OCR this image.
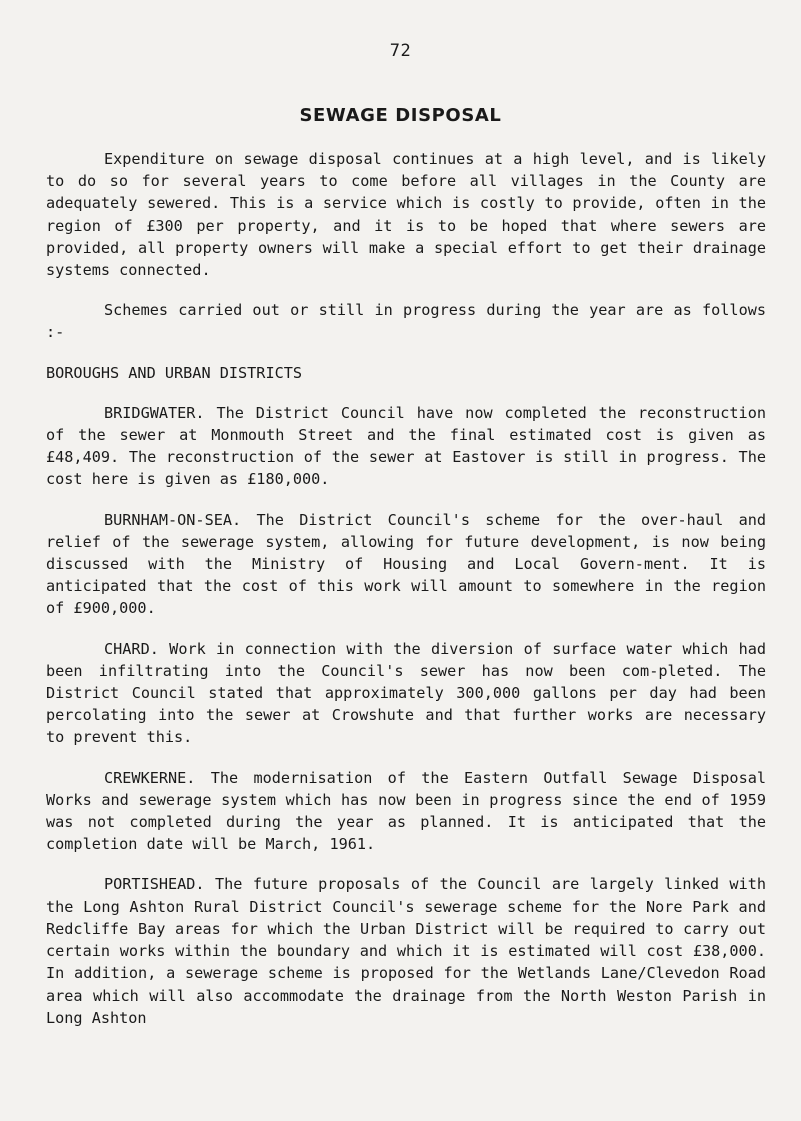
72
SEWAGE DISPOSAL

Expenditure on sewage disposal continues at a high level, and is likely to do so for several years to come before all villages in the County are adequately sewered. This is a service which is costly to provide, often in the region of £300 per property, and it is to be hoped that where sewers are provided, all property owners will make a special effort to get their drainage systems connected.

Schemes carried out or still in progress during the year are as follows :-

BOROUGHS AND URBAN DISTRICTS

BRIDGWATER. The District Council have now completed the reconstruction of the sewer at Monmouth Street and the final estimated cost is given as £48,409. The reconstruction of the sewer at Eastover is still in progress. The cost here is given as £180,000.

BURNHAM-ON-SEA. The District Council's scheme for the over-haul and relief of the sewerage system, allowing for future development, is now being discussed with the Ministry of Housing and Local Govern-ment. It is anticipated that the cost of this work will amount to somewhere in the region of £900,000.

CHARD. Work in connection with the diversion of surface water which had been infiltrating into the Council's sewer has now been com-pleted. The District Council stated that approximately 300,000 gallons per day had been percolating into the sewer at Crowshute and that further works are necessary to prevent this.

CREWKERNE. The modernisation of the Eastern Outfall Sewage Disposal Works and sewerage system which has now been in progress since the end of 1959 was not completed during the year as planned. It is anticipated that the completion date will be March, 1961.

PORTISHEAD. The future proposals of the Council are largely linked with the Long Ashton Rural District Council's sewerage scheme for the Nore Park and Redcliffe Bay areas for which the Urban District will be required to carry out certain works within the boundary and which it is estimated will cost £38,000. In addition, a sewerage scheme is proposed for the Wetlands Lane/Clevedon Road area which will also accommodate the drainage from the North Weston Parish in Long Ashton
